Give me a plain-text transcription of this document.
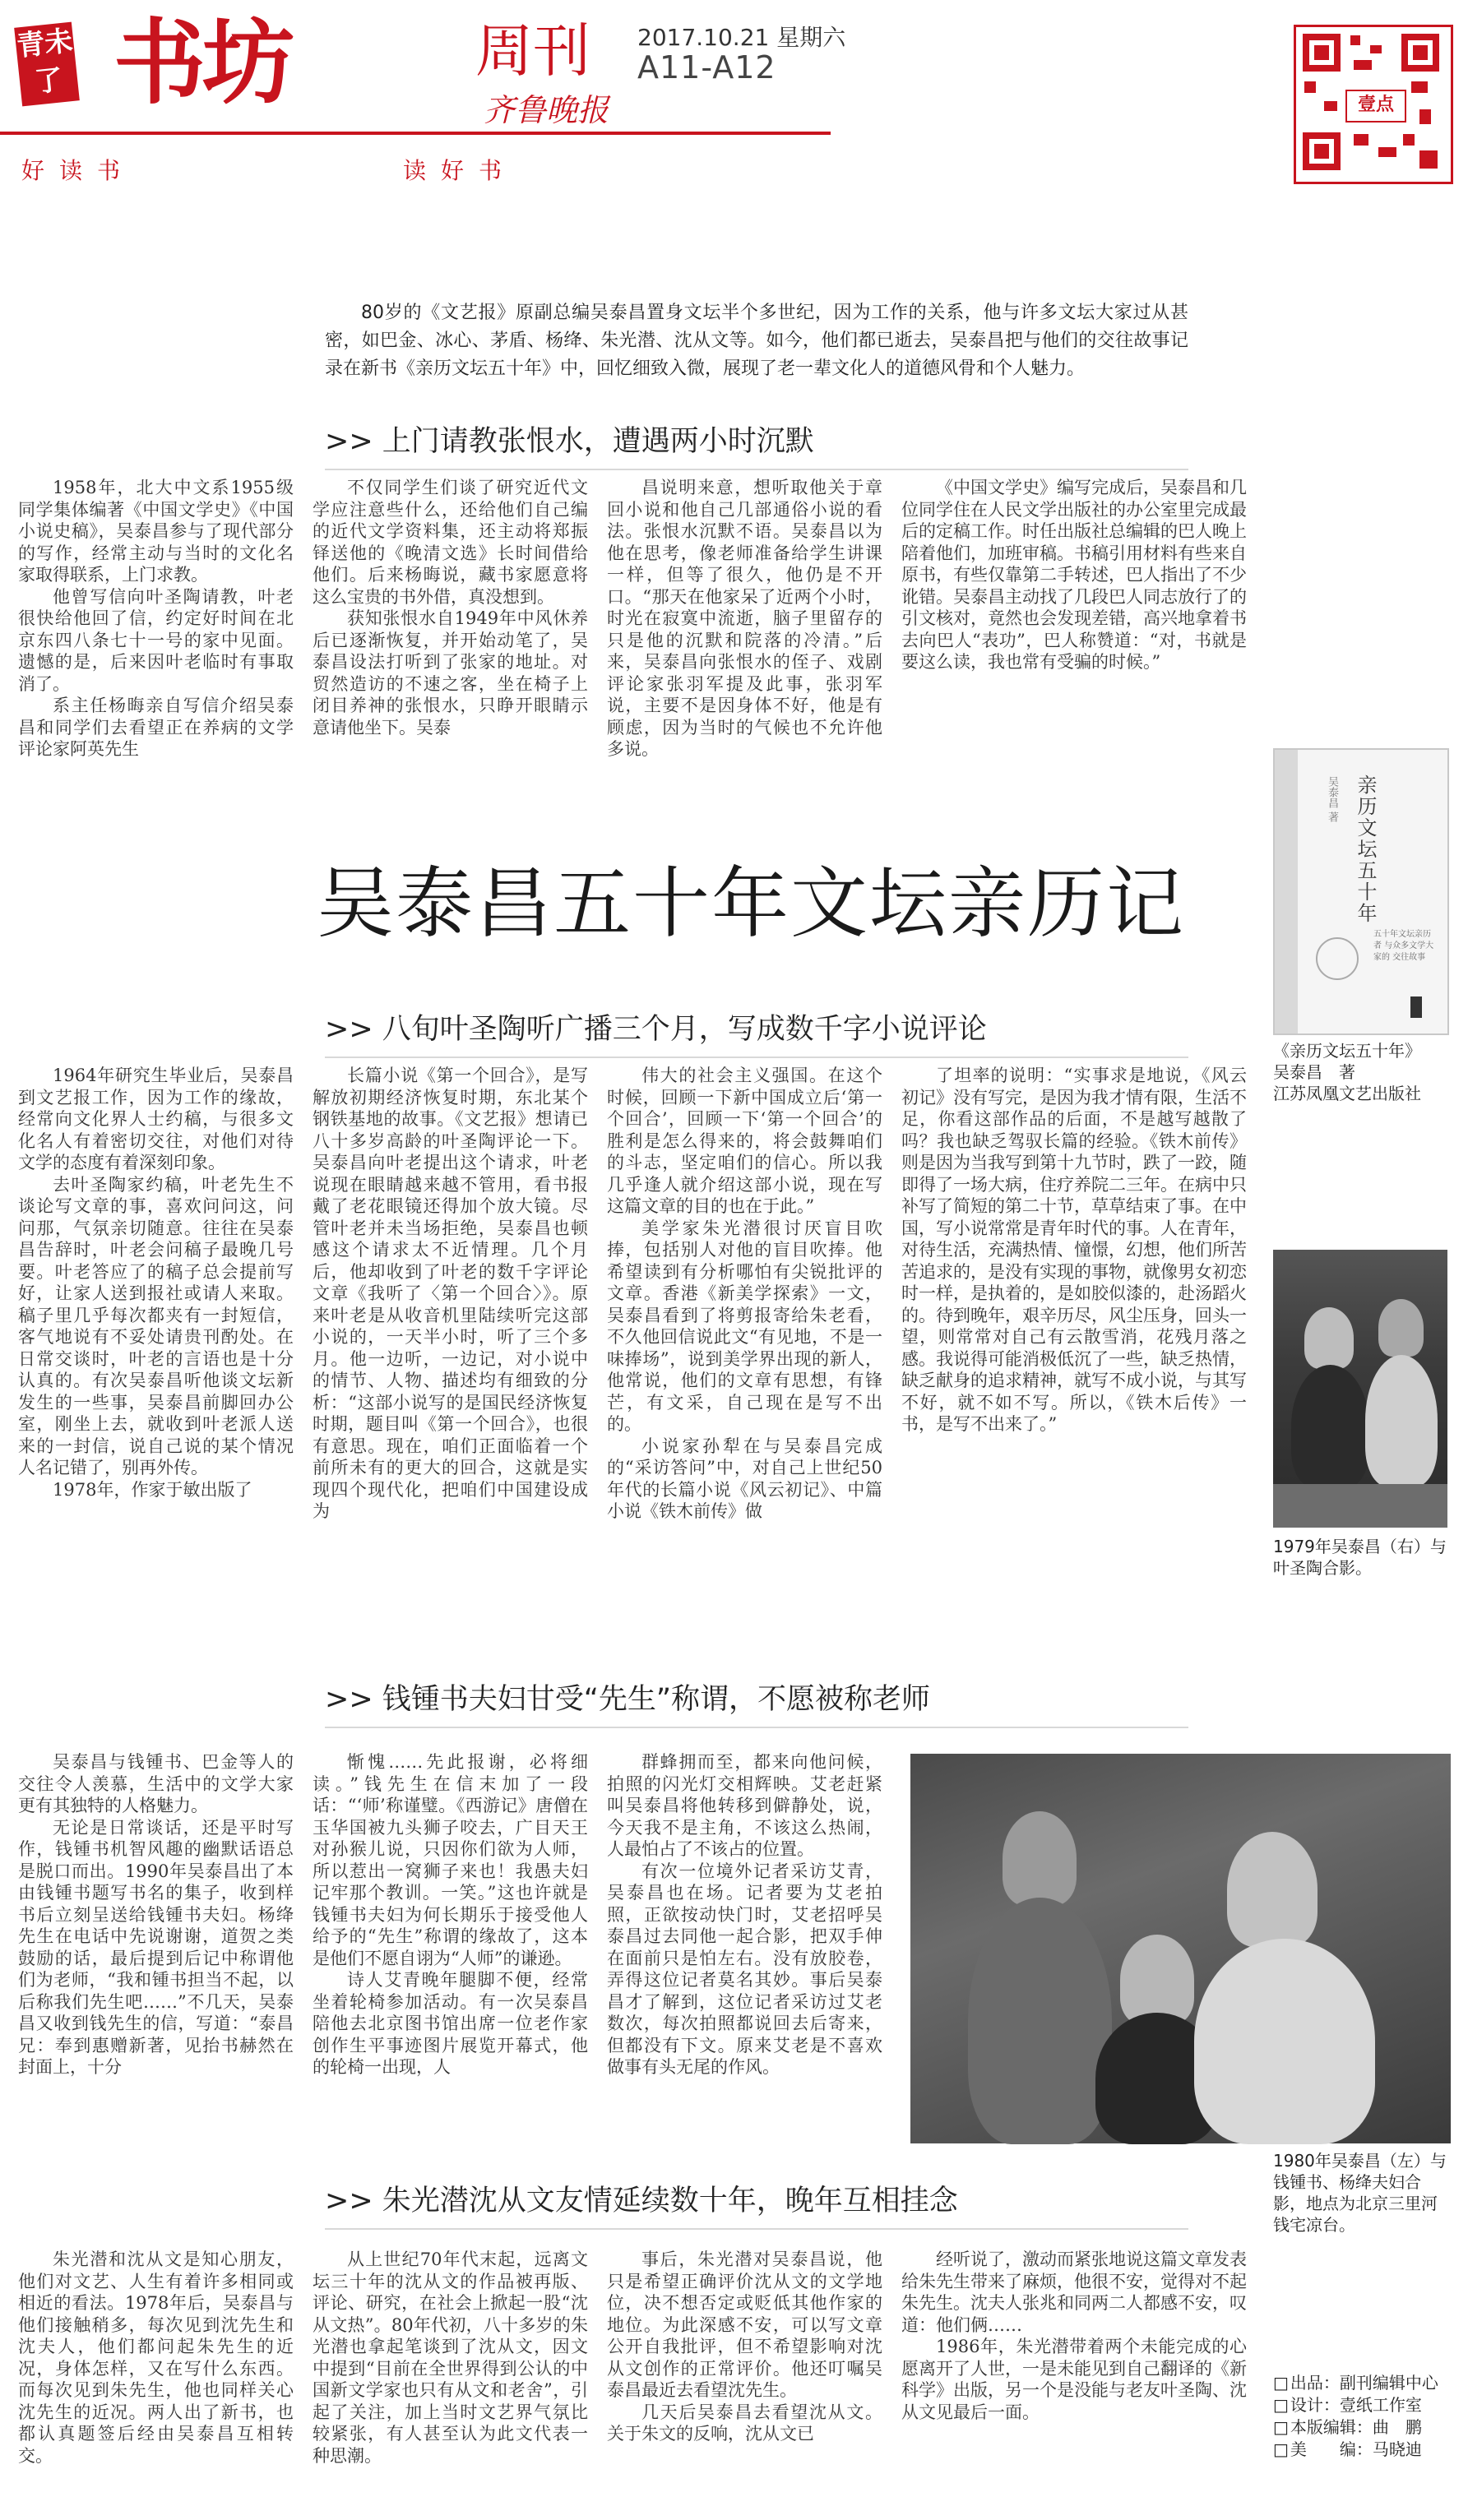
青未了 书坊	周刊
齐鲁晚报
2017.10.21 星期六
A11-A12
好读书	读好书
壹点
80岁的《文艺报》原副总编吴泰昌置身文坛半个多世纪，因为工作的关系，他与许多文坛大家过从甚密，如巴金、冰心、茅盾、杨绛、朱光潜、沈从文等。如今，他们都已逝去，吴泰昌把与他们的交往故事记录在新书《亲历文坛五十年》中，回忆细致入微，展现了老一辈文化人的道德风骨和个人魅力。
>> 上门请教张恨水，遭遇两小时沉默

1958年，北大中文系1955级同学集体编著《中国文学史》《中国小说史稿》，吴泰昌参与了现代部分的写作，经常主动与当时的文化名家取得联系，上门求教。

他曾写信向叶圣陶请教，叶老很快给他回了信，约定好时间在北京东四八条七十一号的家中见面。遗憾的是，后来因叶老临时有事取消了。

系主任杨晦亲自写信介绍吴泰昌和同学们去看望正在养病的文学评论家阿英先生

不仅同学生们谈了研究近代文学应注意些什么，还给他们自己编的近代文学资料集，还主动将郑振铎送他的《晚清文选》长时间借给他们。后来杨晦说，藏书家愿意将这么宝贵的书外借，真没想到。

获知张恨水自1949年中风休养后已逐渐恢复，并开始动笔了，吴泰昌设法打听到了张家的地址。对贸然造访的不速之客，坐在椅子上闭目养神的张恨水，只睁开眼睛示意请他坐下。吴泰

昌说明来意，想听取他关于章回小说和他自己几部通俗小说的看法。张恨水沉默不语。吴泰昌以为他在思考，像老师准备给学生讲课一样，但等了很久，他仍是不开口。“那天在他家呆了近两个小时，时光在寂寞中流逝，脑子里留存的只是他的沉默和院落的冷清。”后来，吴泰昌向张恨水的侄子、戏剧评论家张羽军提及此事，张羽军说，主要不是因身体不好，他是有顾虑，因为当时的气候也不允许他多说。

《中国文学史》编写完成后，吴泰昌和几位同学住在人民文学出版社的办公室里完成最后的定稿工作。时任出版社总编辑的巴人晚上陪着他们，加班审稿。书稿引用材料有些来自原书，有些仅靠第二手转述，巴人指出了不少讹错。吴泰昌主动找了几段巴人同志放行了的引文核对，竟然也会发现差错，高兴地拿着书去向巴人“表功”，巴人称赞道：“对，书就是要这么读，我也常有受骗的时候。”

吴泰昌五十年文坛亲历记
>> 八旬叶圣陶听广播三个月，写成数千字小说评论

1964年研究生毕业后，吴泰昌到文艺报工作，因为工作的缘故，经常向文化界人士约稿，与很多文化名人有着密切交往，对他们对待文学的态度有着深刻印象。

去叶圣陶家约稿，叶老先生不谈论写文章的事，喜欢问问这，问问那，气氛亲切随意。往往在吴泰昌告辞时，叶老会问稿子最晚几号要。叶老答应了的稿子总会提前写好，让家人送到报社或请人来取。稿子里几乎每次都夹有一封短信，客气地说有不妥处请贵刊酌处。在日常交谈时，叶老的言语也是十分认真的。有次吴泰昌听他谈文坛新发生的一些事，吴泰昌前脚回办公室，刚坐上去，就收到叶老派人送来的一封信，说自己说的某个情况人名记错了，别再外传。

1978年，作家于敏出版了

长篇小说《第一个回合》，是写解放初期经济恢复时期，东北某个钢铁基地的故事。《文艺报》想请已八十多岁高龄的叶圣陶评论一下。吴泰昌向叶老提出这个请求，叶老说现在眼睛越来越不管用，看书报戴了老花眼镜还得加个放大镜。尽管叶老并未当场拒绝，吴泰昌也顿感这个请求太不近情理。几个月后，他却收到了叶老的数千字评论文章《我听了〈第一个回合〉》。原来叶老是从收音机里陆续听完这部小说的，一天半小时，听了三个多月。他一边听，一边记，对小说中的情节、人物、描述均有细致的分析：“这部小说写的是国民经济恢复时期，题目叫《第一个回合》，也很有意思。现在，咱们正面临着一个前所未有的更大的回合，这就是实现四个现代化，把咱们中国建设成为

伟大的社会主义强国。在这个时候，回顾一下新中国成立后‘第一个回合’，回顾一下‘第一个回合’的胜利是怎么得来的，将会鼓舞咱们的斗志，坚定咱们的信心。所以我几乎逢人就介绍这部小说，现在写这篇文章的目的也在于此。”

美学家朱光潜很讨厌盲目吹捧，包括别人对他的盲目吹捧。他希望读到有分析哪怕有尖锐批评的文章。香港《新美学探索》一文，吴泰昌看到了将剪报寄给朱老看，不久他回信说此文“有见地，不是一味捧场”，说到美学界出现的新人，他常说，他们的文章有思想，有锋芒，有文采，自己现在是写不出的。

小说家孙犁在与吴泰昌完成的“采访答问”中，对自己上世纪50年代的长篇小说《风云初记》、中篇小说《铁木前传》做

了坦率的说明：“实事求是地说，《风云初记》没有写完，是因为我才情有限，生活不足，你看这部作品的后面，不是越写越散了吗？我也缺乏驾驭长篇的经验。《铁木前传》则是因为当我写到第十九节时，跌了一跤，随即得了一场大病，住疗养院二三年。在病中只补写了简短的第二十节，草草结束了事。在中国，写小说常常是青年时代的事。人在青年，对待生活，充满热情、憧憬，幻想，他们所苦苦追求的，是没有实现的事物，就像男女初恋时一样，是执着的，是如胶似漆的，赴汤蹈火的。待到晚年，艰辛历尽，风尘压身，回头一望，则常常对自己有云散雪消，花残月落之感。我说得可能消极低沉了一些，缺乏热情，缺乏献身的追求精神，就写不成小说，与其写不好，就不如不写。所以，《铁木后传》一书，是写不出来了。”

亲历文坛五十年
吴泰昌 著
五十年文坛亲历者 与众多文学大家的 交往故事
《亲历文坛五十年》
吴泰昌　著
江苏凤凰文艺出版社
1979年吴泰昌（右）与叶圣陶合影。
>> 钱锺书夫妇甘受“先生”称谓，不愿被称老师

吴泰昌与钱锺书、巴金等人的交往令人羡慕，生活中的文学大家更有其独特的人格魅力。

无论是日常谈话，还是平时写作，钱锺书机智风趣的幽默话语总是脱口而出。1990年吴泰昌出了本由钱锺书题写书名的集子，收到样书后立刻呈送给钱锺书夫妇。杨绛先生在电话中先说谢谢，道贺之类鼓励的话，最后提到后记中称谓他们为老师，“我和锺书担当不起，以后称我们先生吧……”不几天，吴泰昌又收到钱先生的信，写道：“泰昌兄：奉到惠赠新著，见抬书赫然在封面上，十分

惭愧……先此报谢，必将细读。”钱先生在信末加了一段话：“‘师’称谨璧。《西游记》唐僧在玉华国被九头狮子咬去，广目天王对孙猴儿说，只因你们欲为人师，所以惹出一窝狮子来也！我愚夫妇记牢那个教训。一笑。”这也许就是钱锺书夫妇为何长期乐于接受他人给予的“先生”称谓的缘故了，这本是他们不愿自诩为“人师”的谦逊。

诗人艾青晚年腿脚不便，经常坐着轮椅参加活动。有一次吴泰昌陪他去北京图书馆出席一位老作家创作生平事迹图片展览开幕式，他的轮椅一出现，人

群蜂拥而至，都来向他问候，拍照的闪光灯交相辉映。艾老赶紧叫吴泰昌将他转移到僻静处，说，今天我不是主角，不该这么热闹，人最怕占了不该占的位置。

有次一位境外记者采访艾青，吴泰昌也在场。记者要为艾老拍照，正欲按动快门时，艾老招呼吴泰昌过去同他一起合影，把双手伸在面前只是怕左右。没有放胶卷，弄得这位记者莫名其妙。事后吴泰昌才了解到，这位记者采访过艾老数次，每次拍照都说回去后寄来，但都没有下文。原来艾老是不喜欢做事有头无尾的作风。

1980年吴泰昌（左）与钱锺书、杨绛夫妇合影，地点为北京三里河钱宅凉台。
>> 朱光潜沈从文友情延续数十年，晚年互相挂念

朱光潜和沈从文是知心朋友，他们对文艺、人生有着许多相同或相近的看法。1978年后，吴泰昌与他们接触稍多，每次见到沈先生和沈夫人，他们都问起朱先生的近况，身体怎样，又在写什么东西。而每次见到朱先生，他也同样关心沈先生的近况。两人出了新书，也都认真题签后经由吴泰昌互相转交。

从上世纪70年代末起，远离文坛三十年的沈从文的作品被再版、评论、研究，在社会上掀起一股“沈从文热”。80年代初，八十多岁的朱光潜也拿起笔谈到了沈从文，因文中提到“目前在全世界得到公认的中国新文学家也只有从文和老舍”，引起了关注，加上当时文艺界气氛比较紧张，有人甚至认为此文代表一种思潮。

事后，朱光潜对吴泰昌说，他只是希望正确评价沈从文的文学地位，决不想否定或贬低其他作家的地位。为此深感不安，可以写文章公开自我批评，但不希望影响对沈从文创作的正常评价。他还叮嘱吴泰昌最近去看望沈先生。

几天后吴泰昌去看望沈从文。关于朱文的反响，沈从文已

经听说了，激动而紧张地说这篇文章发表给朱先生带来了麻烦，他很不安，觉得对不起朱先生。沈夫人张兆和同两二人都感不安，叹道：他们俩……

1986年，朱光潜带着两个未能完成的心愿离开了人世，一是未能见到自己翻译的《新科学》出版，另一个是没能与老友叶圣陶、沈从文见最后一面。

□ 出品：副刊编辑中心
□ 设计：壹纸工作室
□ 本版编辑：曲　鹏
□ 美　　编：马晓迪
